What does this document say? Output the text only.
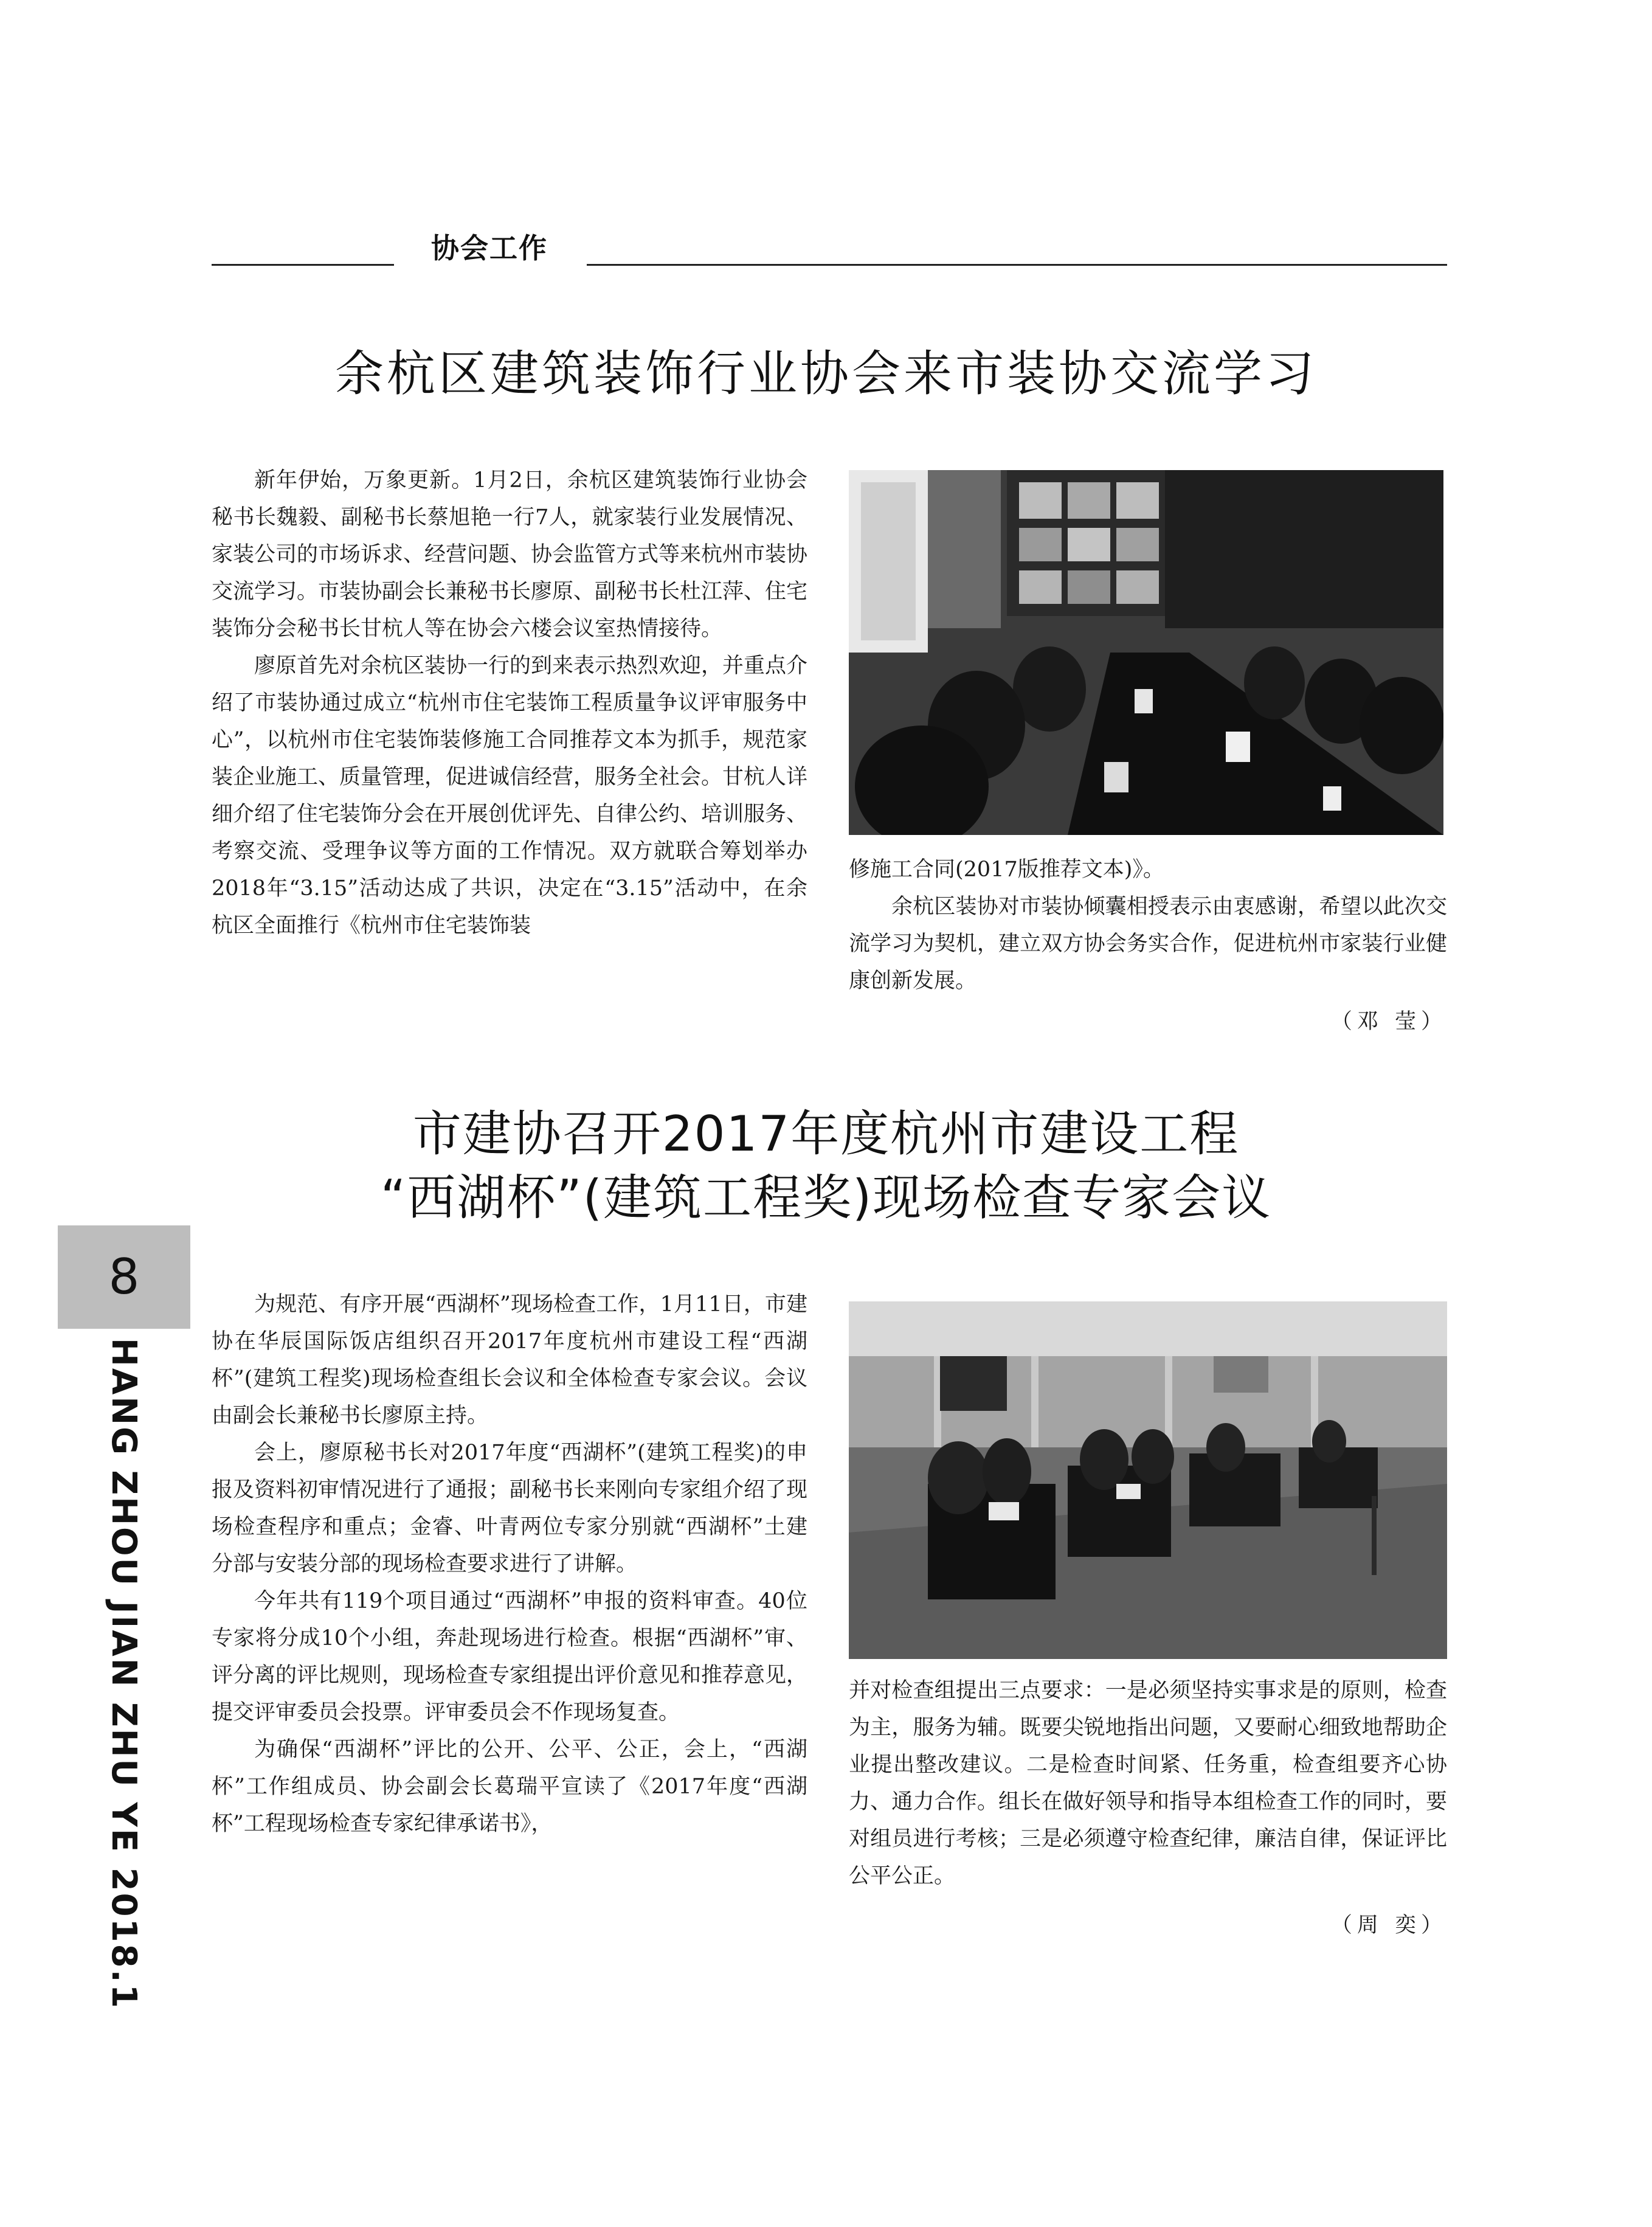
协会工作
余杭区建筑装饰行业协会来市装协交流学习

新年伊始，万象更新。1月2日，余杭区建筑装饰行业协会秘书长魏毅、副秘书长蔡旭艳一行7人，就家装行业发展情况、家装公司的市场诉求、经营问题、协会监管方式等来杭州市装协交流学习。市装协副会长兼秘书长廖原、副秘书长杜江萍、住宅装饰分会秘书长甘杭人等在协会六楼会议室热情接待。

廖原首先对余杭区装协一行的到来表示热烈欢迎，并重点介绍了市装协通过成立“杭州市住宅装饰工程质量争议评审服务中心”，以杭州市住宅装饰装修施工合同推荐文本为抓手，规范家装企业施工、质量管理，促进诚信经营，服务全社会。甘杭人详细介绍了住宅装饰分会在开展创优评先、自律公约、培训服务、考察交流、受理争议等方面的工作情况。双方就联合筹划举办2018年“3.15”活动达成了共识，决定在“3.15”活动中，在余杭区全面推行《杭州市住宅装饰装

修施工合同(2017版推荐文本)》。

余杭区装协对市装协倾囊相授表示由衷感谢，希望以此次交流学习为契机，建立双方协会务实合作，促进杭州市家装行业健康创新发展。

（邓 莹）

市建协召开2017年度杭州市建设工程
“西湖杯”(建筑工程奖)现场检查专家会议

为规范、有序开展“西湖杯”现场检查工作，1月11日，市建协在华辰国际饭店组织召开2017年度杭州市建设工程“西湖杯”(建筑工程奖)现场检查组长会议和全体检查专家会议。会议由副会长兼秘书长廖原主持。

会上，廖原秘书长对2017年度“西湖杯”(建筑工程奖)的申报及资料初审情况进行了通报；副秘书长来刚向专家组介绍了现场检查程序和重点；金睿、叶青两位专家分别就“西湖杯”土建分部与安装分部的现场检查要求进行了讲解。

今年共有119个项目通过“西湖杯”申报的资料审查。40位专家将分成10个小组，奔赴现场进行检查。根据“西湖杯”审、评分离的评比规则，现场检查专家组提出评价意见和推荐意见，提交评审委员会投票。评审委员会不作现场复查。

为确保“西湖杯”评比的公开、公平、公正，会上，“西湖杯”工作组成员、协会副会长葛瑞平宣读了《2017年度“西湖杯”工程现场检查专家纪律承诺书》，

并对检查组提出三点要求：一是必须坚持实事求是的原则，检查为主，服务为辅。既要尖锐地指出问题，又要耐心细致地帮助企业提出整改建议。二是检查时间紧、任务重，检查组要齐心协力、通力合作。组长在做好领导和指导本组检查工作的同时，要对组员进行考核；三是必须遵守检查纪律，廉洁自律，保证评比公平公正。

（周 奕）

8
HANG ZHOU JIAN ZHU YE 2018.1
